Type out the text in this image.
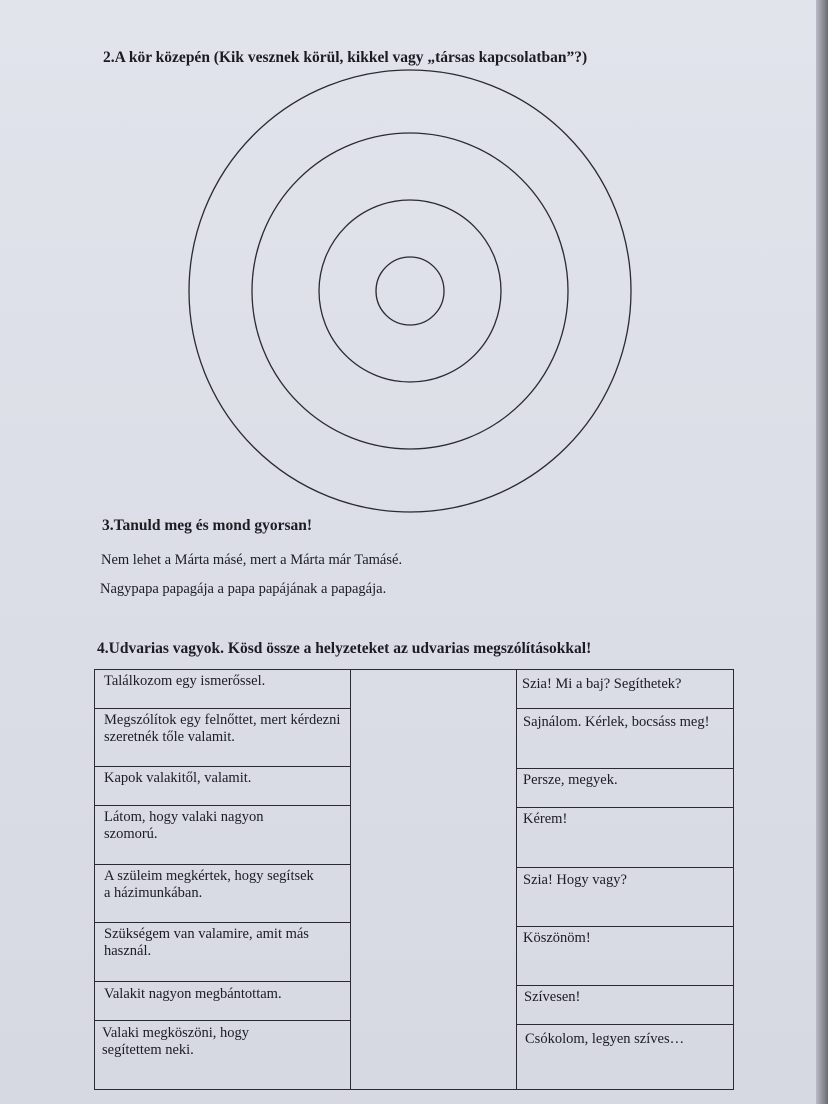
2.A kör közepén (Kik vesznek körül, kikkel vagy „társas kapcsolatban”?)
3.Tanuld meg és mond gyorsan!
Nem lehet a Márta másé, mert a Márta már Tamásé.
Nagypapa papagája a papa papájának a papagája.
4.Udvarias vagyok. Kösd össze a helyzeteket az udvarias megszólításokkal!
Találkozom egy ismerőssel.
Megszólítok egy felnőttet, mert kérdezni szeretnék tőle valamit.
Kapok valakitől, valamit.
Látom, hogy valaki nagyon szomorú.
A szüleim megkértek, hogy segítsek a házimunkában.
Szükségem van valamire, amit más használ.
Valakit nagyon megbántottam.
Valaki megköszöni, hogy segítettem neki.
Szia! Mi a baj? Segíthetek?
Sajnálom. Kérlek, bocsáss meg!
Persze, megyek.
Kérem!
Szia! Hogy vagy?
Köszönöm!
Szívesen!
Csókolom, legyen szíves…
